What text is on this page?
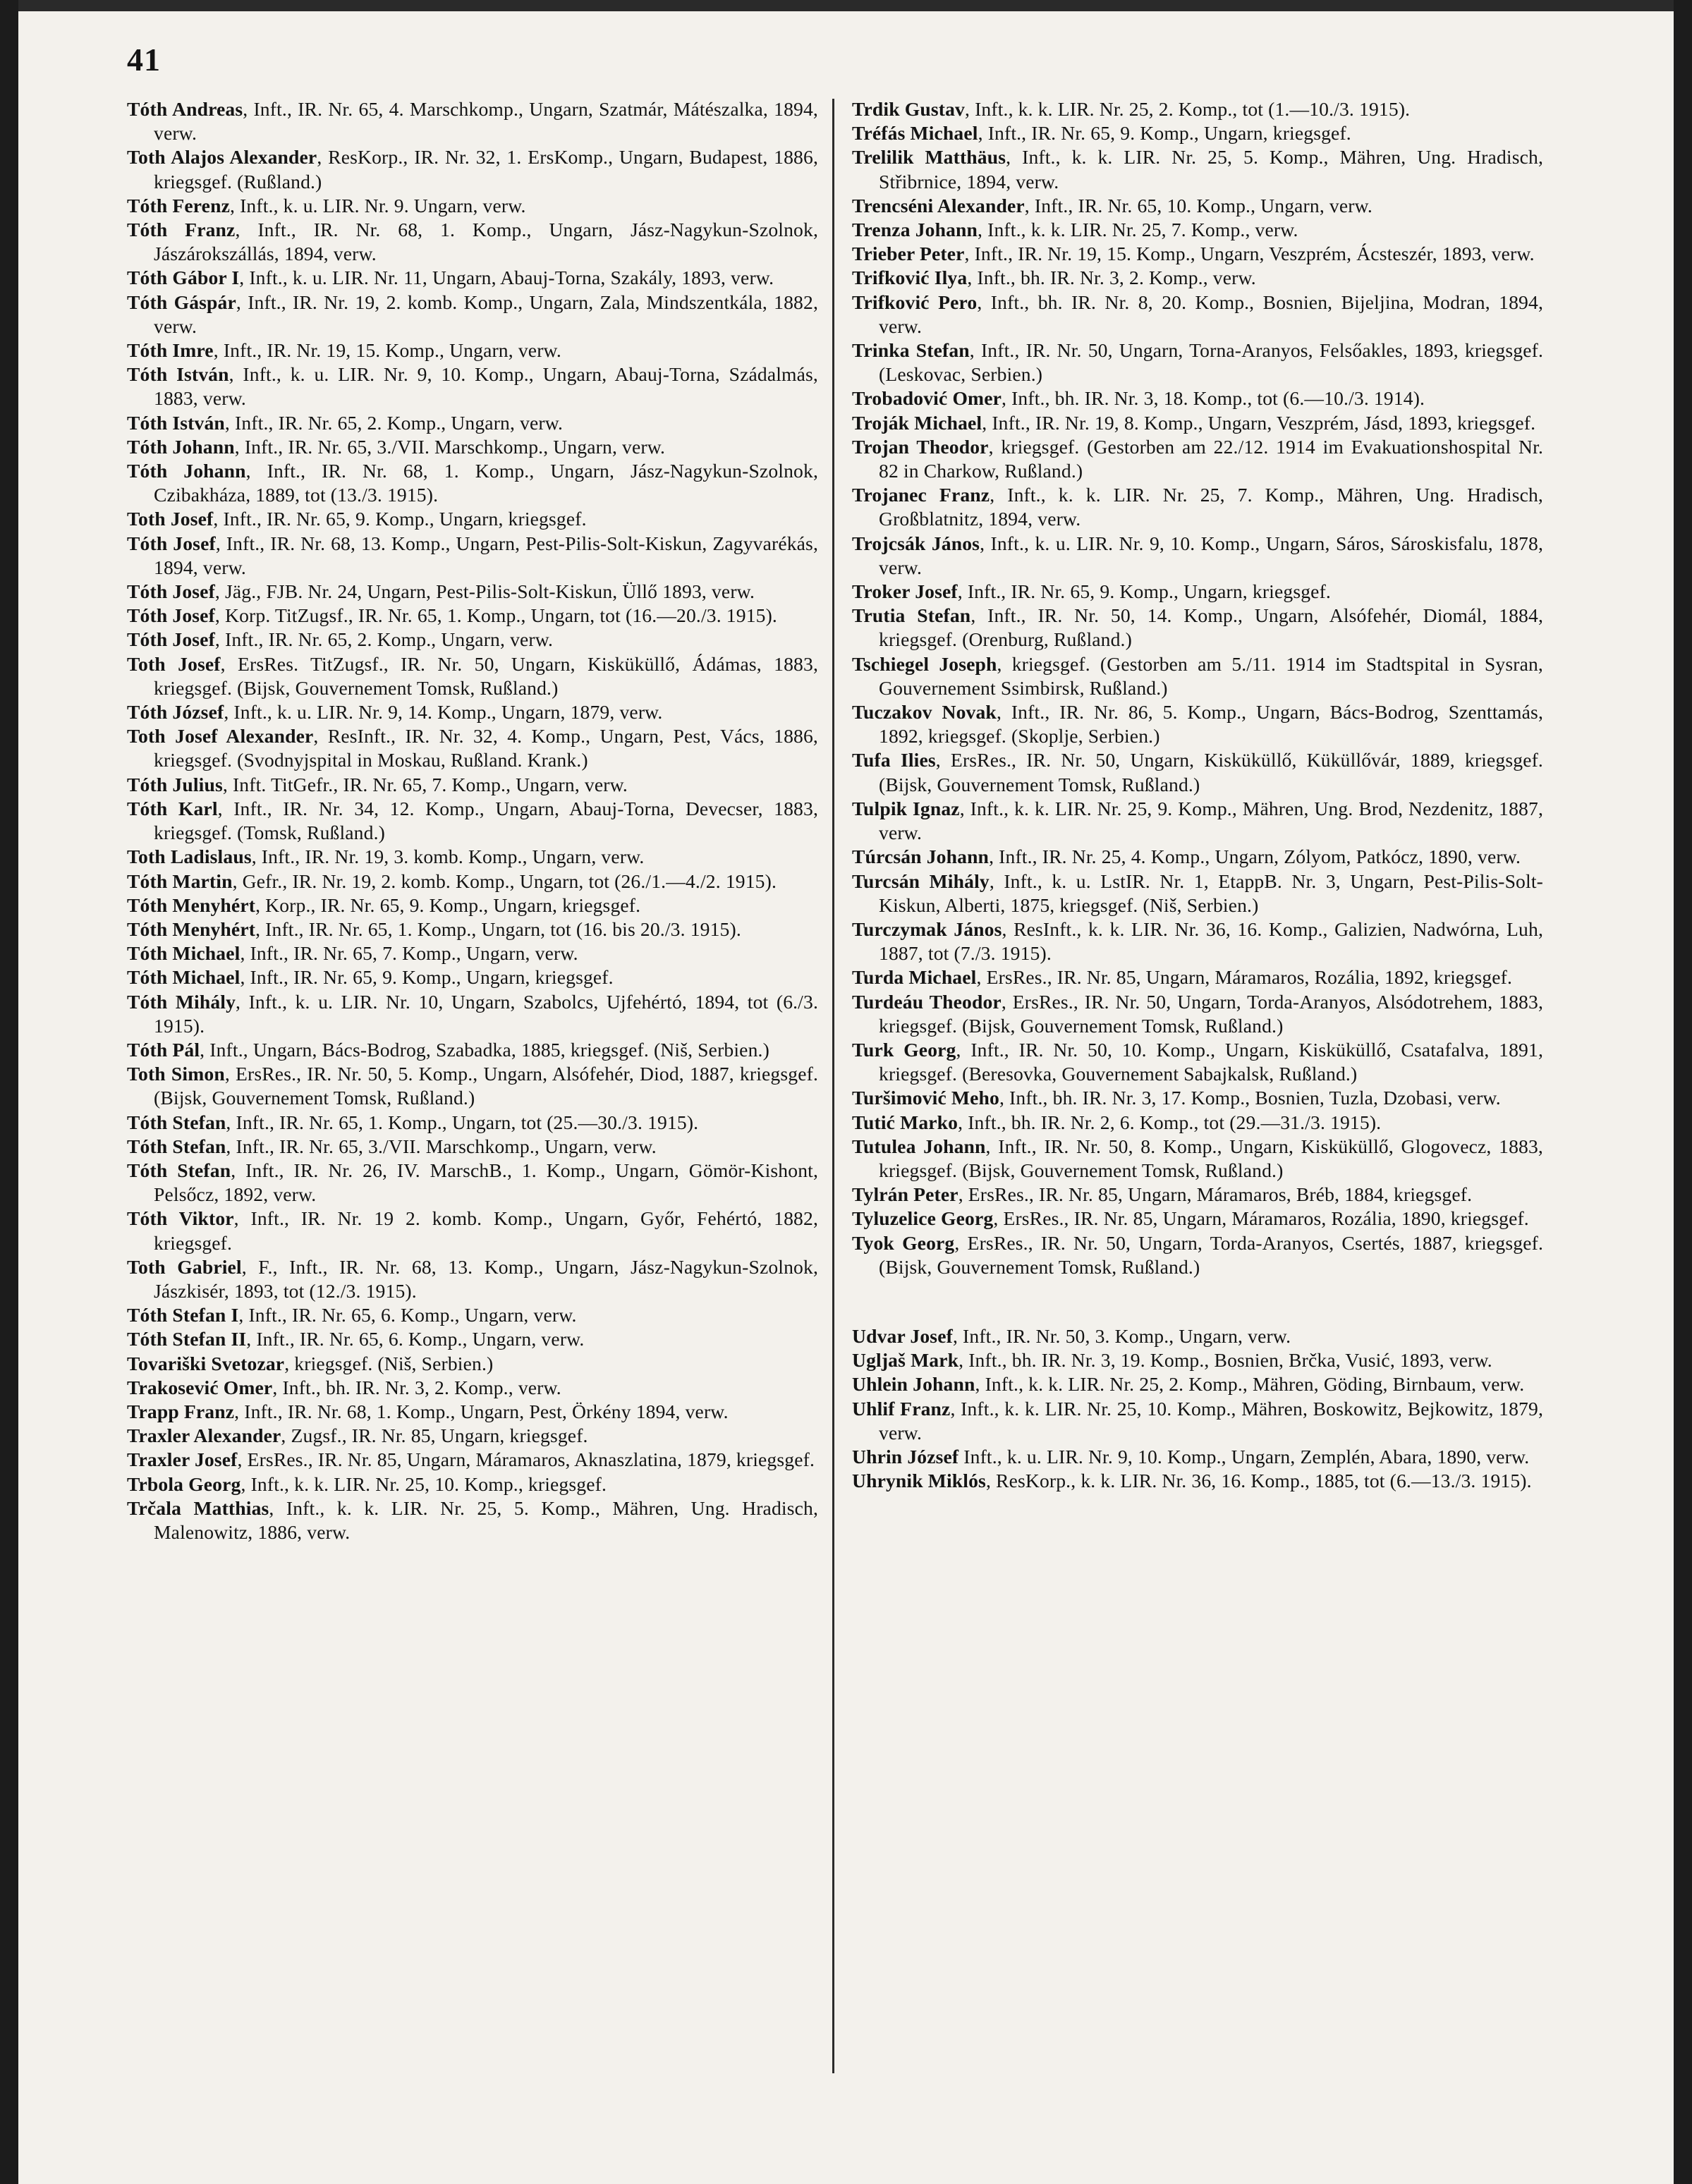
41

Tóth Andreas, Inft., IR. Nr. 65, 4. Marschkomp., Ungarn, Szatmár, Mátészalka, 1894, verw.

Toth Alajos Alexander, ResKorp., IR. Nr. 32, 1. ErsKomp., Ungarn, Budapest, 1886, kriegsgef. (Rußland.)

Tóth Ferenz, Inft., k. u. LIR. Nr. 9. Ungarn, verw.

Tóth Franz, Inft., IR. Nr. 68, 1. Komp., Ungarn, Jász-Nagykun-Szolnok, Jászárokszállás, 1894, verw.

Tóth Gábor I, Inft., k. u. LIR. Nr. 11, Ungarn, Abauj-Torna, Szakály, 1893, verw.

Tóth Gáspár, Inft., IR. Nr. 19, 2. komb. Komp., Ungarn, Zala, Mindszentkála, 1882, verw.

Tóth Imre, Inft., IR. Nr. 19, 15. Komp., Ungarn, verw.

Tóth István, Inft., k. u. LIR. Nr. 9, 10. Komp., Ungarn, Abauj-Torna, Szádalmás, 1883, verw.

Tóth István, Inft., IR. Nr. 65, 2. Komp., Ungarn, verw.

Tóth Johann, Inft., IR. Nr. 65, 3./VII. Marschkomp., Ungarn, verw.

Tóth Johann, Inft., IR. Nr. 68, 1. Komp., Ungarn, Jász-Nagykun-Szolnok, Czibakháza, 1889, tot (13./3. 1915).

Toth Josef, Inft., IR. Nr. 65, 9. Komp., Ungarn, kriegsgef.

Tóth Josef, Inft., IR. Nr. 68, 13. Komp., Ungarn, Pest-Pilis-Solt-Kiskun, Zagyvarékás, 1894, verw.

Tóth Josef, Jäg., FJB. Nr. 24, Ungarn, Pest-Pilis-Solt-Kiskun, Üllő 1893, verw.

Tóth Josef, Korp. TitZugsf., IR. Nr. 65, 1. Komp., Ungarn, tot (16.—20./3. 1915).

Tóth Josef, Inft., IR. Nr. 65, 2. Komp., Ungarn, verw.

Toth Josef, ErsRes. TitZugsf., IR. Nr. 50, Ungarn, Kisküküllő, Ádámas, 1883, kriegsgef. (Bijsk, Gouvernement Tomsk, Rußland.)

Tóth József, Inft., k. u. LIR. Nr. 9, 14. Komp., Ungarn, 1879, verw.

Toth Josef Alexander, ResInft., IR. Nr. 32, 4. Komp., Ungarn, Pest, Vács, 1886, kriegsgef. (Svodnyjspital in Moskau, Rußland. Krank.)

Tóth Julius, Inft. TitGefr., IR. Nr. 65, 7. Komp., Ungarn, verw.

Tóth Karl, Inft., IR. Nr. 34, 12. Komp., Ungarn, Abauj-Torna, Devecser, 1883, kriegsgef. (Tomsk, Rußland.)

Toth Ladislaus, Inft., IR. Nr. 19, 3. komb. Komp., Ungarn, verw.

Tóth Martin, Gefr., IR. Nr. 19, 2. komb. Komp., Ungarn, tot (26./1.—4./2. 1915).

Tóth Menyhért, Korp., IR. Nr. 65, 9. Komp., Ungarn, kriegsgef.

Tóth Menyhért, Inft., IR. Nr. 65, 1. Komp., Ungarn, tot (16. bis 20./3. 1915).

Tóth Michael, Inft., IR. Nr. 65, 7. Komp., Ungarn, verw.

Tóth Michael, Inft., IR. Nr. 65, 9. Komp., Ungarn, kriegsgef.

Tóth Mihály, Inft., k. u. LIR. Nr. 10, Ungarn, Szabolcs, Ujfehértó, 1894, tot (6./3. 1915).

Tóth Pál, Inft., Ungarn, Bács-Bodrog, Szabadka, 1885, kriegsgef. (Niš, Serbien.)

Toth Simon, ErsRes., IR. Nr. 50, 5. Komp., Ungarn, Alsófehér, Diod, 1887, kriegsgef. (Bijsk, Gouvernement Tomsk, Rußland.)

Tóth Stefan, Inft., IR. Nr. 65, 1. Komp., Ungarn, tot (25.—30./3. 1915).

Tóth Stefan, Inft., IR. Nr. 65, 3./VII. Marschkomp., Ungarn, verw.

Tóth Stefan, Inft., IR. Nr. 26, IV. MarschB., 1. Komp., Ungarn, Gömör-Kishont, Pelsőcz, 1892, verw.

Tóth Viktor, Inft., IR. Nr. 19 2. komb. Komp., Ungarn, Győr, Fehértó, 1882, kriegsgef.

Toth Gabriel, F., Inft., IR. Nr. 68, 13. Komp., Ungarn, Jász-Nagykun-Szolnok, Jászkisér, 1893, tot (12./3. 1915).

Tóth Stefan I, Inft., IR. Nr. 65, 6. Komp., Ungarn, verw.

Tóth Stefan II, Inft., IR. Nr. 65, 6. Komp., Ungarn, verw.

Tovariški Svetozar, kriegsgef. (Niš, Serbien.)

Trakosević Omer, Inft., bh. IR. Nr. 3, 2. Komp., verw.

Trapp Franz, Inft., IR. Nr. 68, 1. Komp., Ungarn, Pest, Örkény 1894, verw.

Traxler Alexander, Zugsf., IR. Nr. 85, Ungarn, kriegsgef.

Traxler Josef, ErsRes., IR. Nr. 85, Ungarn, Máramaros, Aknaszlatina, 1879, kriegsgef.

Trbola Georg, Inft., k. k. LIR. Nr. 25, 10. Komp., kriegsgef.

Trčala Matthias, Inft., k. k. LIR. Nr. 25, 5. Komp., Mähren, Ung. Hradisch, Malenowitz, 1886, verw.

Trdik Gustav, Inft., k. k. LIR. Nr. 25, 2. Komp., tot (1.—10./3. 1915).

Tréfás Michael, Inft., IR. Nr. 65, 9. Komp., Ungarn, kriegsgef.

Trelilik Matthäus, Inft., k. k. LIR. Nr. 25, 5. Komp., Mähren, Ung. Hradisch, Střibrnice, 1894, verw.

Trencséni Alexander, Inft., IR. Nr. 65, 10. Komp., Ungarn, verw.

Trenza Johann, Inft., k. k. LIR. Nr. 25, 7. Komp., verw.

Trieber Peter, Inft., IR. Nr. 19, 15. Komp., Ungarn, Veszprém, Ácsteszér, 1893, verw.

Trifković Ilya, Inft., bh. IR. Nr. 3, 2. Komp., verw.

Trifković Pero, Inft., bh. IR. Nr. 8, 20. Komp., Bosnien, Bijeljina, Modran, 1894, verw.

Trinka Stefan, Inft., IR. Nr. 50, Ungarn, Torna-Aranyos, Felsőakles, 1893, kriegsgef. (Leskovac, Serbien.)

Trobadović Omer, Inft., bh. IR. Nr. 3, 18. Komp., tot (6.—10./3. 1914).

Troják Michael, Inft., IR. Nr. 19, 8. Komp., Ungarn, Veszprém, Jásd, 1893, kriegsgef.

Trojan Theodor, kriegsgef. (Gestorben am 22./12. 1914 im Evakuationshospital Nr. 82 in Charkow, Rußland.)

Trojanec Franz, Inft., k. k. LIR. Nr. 25, 7. Komp., Mähren, Ung. Hradisch, Großblatnitz, 1894, verw.

Trojcsák János, Inft., k. u. LIR. Nr. 9, 10. Komp., Ungarn, Sáros, Sároskisfalu, 1878, verw.

Troker Josef, Inft., IR. Nr. 65, 9. Komp., Ungarn, kriegsgef.

Trutia Stefan, Inft., IR. Nr. 50, 14. Komp., Ungarn, Alsófehér, Diomál, 1884, kriegsgef. (Orenburg, Rußland.)

Tschiegel Joseph, kriegsgef. (Gestorben am 5./11. 1914 im Stadtspital in Sysran, Gouvernement Ssimbirsk, Rußland.)

Tuczakov Novak, Inft., IR. Nr. 86, 5. Komp., Ungarn, Bács-Bodrog, Szenttamás, 1892, kriegsgef. (Skoplje, Serbien.)

Tufa Ilies, ErsRes., IR. Nr. 50, Ungarn, Kisküküllő, Küküllővár, 1889, kriegsgef. (Bijsk, Gouvernement Tomsk, Rußland.)

Tulpik Ignaz, Inft., k. k. LIR. Nr. 25, 9. Komp., Mähren, Ung. Brod, Nezdenitz, 1887, verw.

Túrcsán Johann, Inft., IR. Nr. 25, 4. Komp., Ungarn, Zólyom, Patkócz, 1890, verw.

Turcsán Mihály, Inft., k. u. LstIR. Nr. 1, EtappB. Nr. 3, Ungarn, Pest-Pilis-Solt-Kiskun, Alberti, 1875, kriegsgef. (Niš, Serbien.)

Turczymak János, ResInft., k. k. LIR. Nr. 36, 16. Komp., Galizien, Nadwórna, Luh, 1887, tot (7./3. 1915).

Turda Michael, ErsRes., IR. Nr. 85, Ungarn, Máramaros, Rozália, 1892, kriegsgef.

Turdeáu Theodor, ErsRes., IR. Nr. 50, Ungarn, Torda-Aranyos, Alsódotrehem, 1883, kriegsgef. (Bijsk, Gouvernement Tomsk, Rußland.)

Turk Georg, Inft., IR. Nr. 50, 10. Komp., Ungarn, Kisküküllő, Csatafalva, 1891, kriegsgef. (Beresovka, Gouvernement Sabajkalsk, Rußland.)

Turšimović Meho, Inft., bh. IR. Nr. 3, 17. Komp., Bosnien, Tuzla, Dzobasi, verw.

Tutić Marko, Inft., bh. IR. Nr. 2, 6. Komp., tot (29.—31./3. 1915).

Tutulea Johann, Inft., IR. Nr. 50, 8. Komp., Ungarn, Kisküküllő, Glogovecz, 1883, kriegsgef. (Bijsk, Gouvernement Tomsk, Rußland.)

Tylrán Peter, ErsRes., IR. Nr. 85, Ungarn, Máramaros, Bréb, 1884, kriegsgef.

Tyluzelice Georg, ErsRes., IR. Nr. 85, Ungarn, Máramaros, Rozália, 1890, kriegsgef.

Tyok Georg, ErsRes., IR. Nr. 50, Ungarn, Torda-Aranyos, Csertés, 1887, kriegsgef. (Bijsk, Gouvernement Tomsk, Rußland.)

Udvar Josef, Inft., IR. Nr. 50, 3. Komp., Ungarn, verw.

Ugljaš Mark, Inft., bh. IR. Nr. 3, 19. Komp., Bosnien, Brčka, Vusić, 1893, verw.

Uhlein Johann, Inft., k. k. LIR. Nr. 25, 2. Komp., Mähren, Göding, Birnbaum, verw.

Uhlif Franz, Inft., k. k. LIR. Nr. 25, 10. Komp., Mähren, Boskowitz, Bejkowitz, 1879, verw.

Uhrin József Inft., k. u. LIR. Nr. 9, 10. Komp., Ungarn, Zemplén, Abara, 1890, verw.

Uhrynik Miklós, ResKorp., k. k. LIR. Nr. 36, 16. Komp., 1885, tot (6.—13./3. 1915).
